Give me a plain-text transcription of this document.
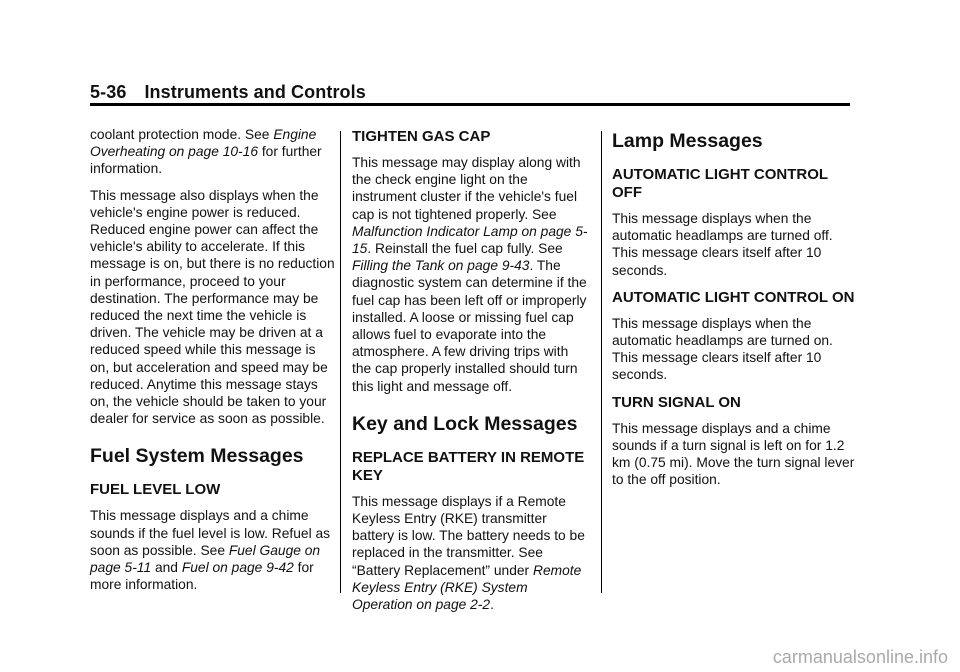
5-36 Instruments and Controls

coolant protection mode. See Engine Overheating on page 10-16 for further information.

This message also displays when the vehicle's engine power is reduced. Reduced engine power can affect the vehicle's ability to accelerate. If this message is on, but there is no reduction in performance, proceed to your destination. The performance may be reduced the next time the vehicle is driven. The vehicle may be driven at a reduced speed while this message is on, but acceleration and speed may be reduced. Anytime this message stays on, the vehicle should be taken to your dealer for service as soon as possible.

Fuel System Messages
FUEL LEVEL LOW

This message displays and a chime sounds if the fuel level is low. Refuel as soon as possible. See Fuel Gauge on page 5-11 and Fuel on page 9-42 for more information.

TIGHTEN GAS CAP

This message may display along with the check engine light on the instrument cluster if the vehicle's fuel cap is not tightened properly. See Malfunction Indicator Lamp on page 5-15. Reinstall the fuel cap fully. See Filling the Tank on page 9-43. The diagnostic system can determine if the fuel cap has been left off or improperly installed. A loose or missing fuel cap allows fuel to evaporate into the atmosphere. A few driving trips with the cap properly installed should turn this light and message off.

Key and Lock Messages
REPLACE BATTERY IN REMOTE KEY

This message displays if a Remote Keyless Entry (RKE) transmitter battery is low. The battery needs to be replaced in the transmitter. See “Battery Replacement” under Remote Keyless Entry (RKE) System Operation on page 2-2.

Lamp Messages
AUTOMATIC LIGHT CONTROL OFF

This message displays when the automatic headlamps are turned off. This message clears itself after 10 seconds.

AUTOMATIC LIGHT CONTROL ON

This message displays when the automatic headlamps are turned on. This message clears itself after 10 seconds.

TURN SIGNAL ON

This message displays and a chime sounds if a turn signal is left on for 1.2 km (0.75 mi). Move the turn signal lever to the off position.

carmanualsonline.info
